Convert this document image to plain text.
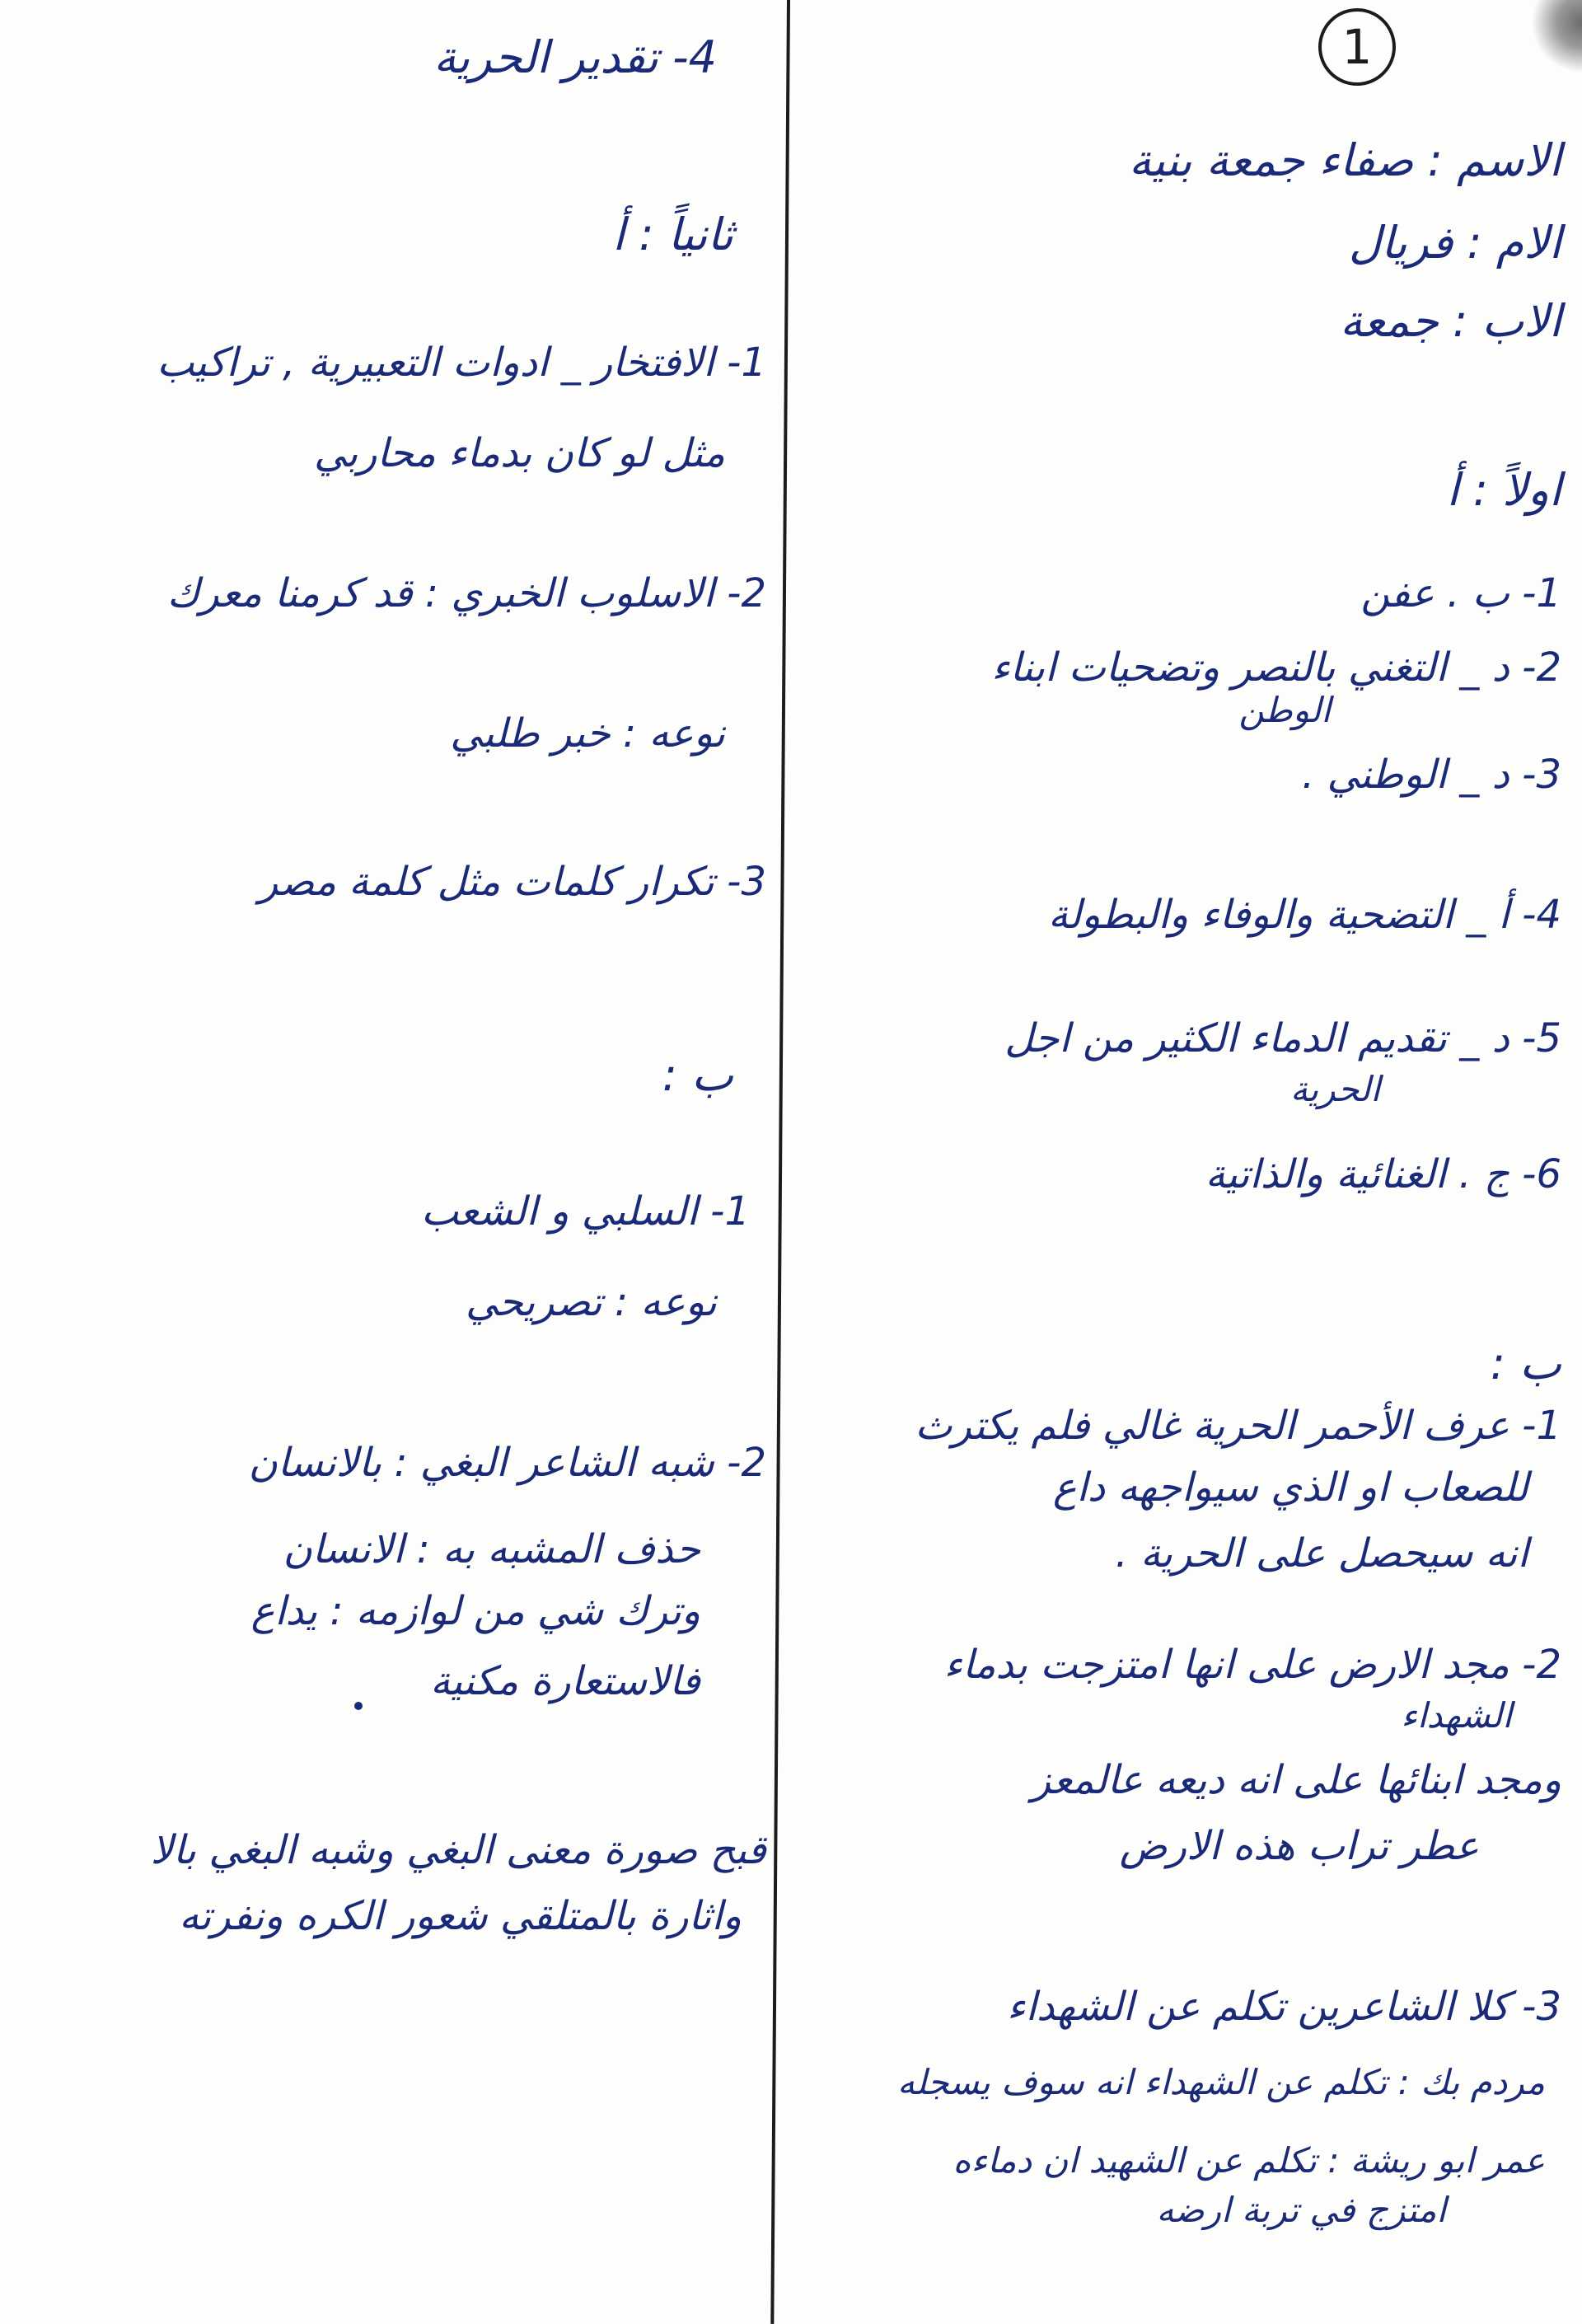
1
الاسم : صفاء جمعة بنية
الام : فريال
الاب : جمعة
اولاً : أ
1- ب . عفن
2- د _ التغني بالنصر وتضحيات ابناء
الوطن
3- د _ الوطني .
4- أ _ التضحية والوفاء والبطولة
5- د _ تقديم الدماء الكثير من اجل
الحرية
6- ج . الغنائية والذاتية
ب :
1- عرف الأحمر الحرية غالي فلم يكترث
للصعاب او الذي سيواجهه داع
انه سيحصل على الحرية .
2- مجد الارض على انها امتزجت بدماء
الشهداء
ومجد ابنائها على انه ديعه عالمعز
عطر تراب هذه الارض
3- كلا الشاعرين تكلم عن الشهداء
مردم بك : تكلم عن الشهداء انه سوف يسجله
عمر ابو ريشة : تكلم عن الشهيد ان دماءه
امتزج في تربة ارضه
4- تقدير الحرية
ثانياً : أ
1- الافتخار _ ادوات التعبيرية , تراكيب
مثل لو كان بدماء محاربي
2- الاسلوب الخبري : قد كرمنا معرك
نوعه : خبر طلبي
3- تكرار كلمات مثل كلمة مصر
ب :
1- السلبي و الشعب
نوعه : تصريحي
2- شبه الشاعر البغي : بالانسان
حذف المشبه به : الانسان
وترك شي من لوازمه : يداع
فالاستعارة مكنية
قبح صورة معنى البغي وشبه البغي بالا
واثارة بالمتلقي شعور الكره ونفرته
